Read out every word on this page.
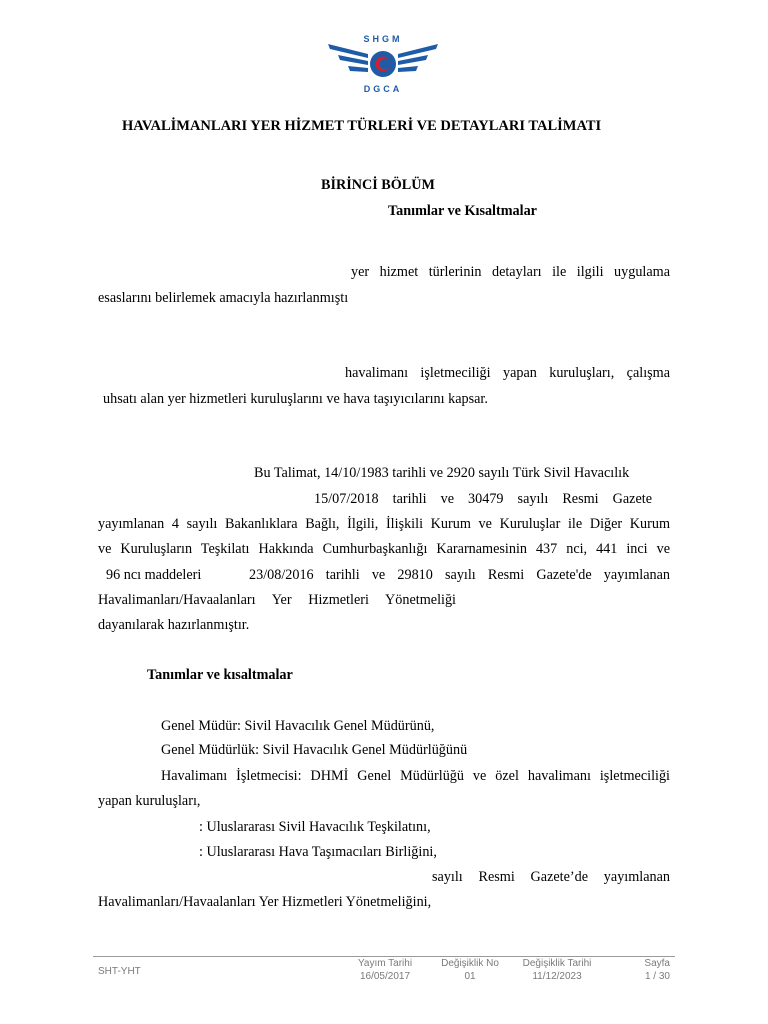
SHGM
DGCA
HAVALİMANLARI YER HİZMET TÜRLERİ VE DETAYLARI TALİMATI
BİRİNCİ BÖLÜM
Tanımlar ve Kısaltmalar
yer hizmet türlerinin detayları ile ilgili uygulama
esaslarını belirlemek amacıyla hazırlanmıştı
havalimanı işletmeciliği yapan kuruluşları, çalışma
uhsatı alan yer hizmetleri kuruluşlarını ve hava taşıyıcılarını kapsar.
Bu Talimat, 14/10/1983 tarihli ve 2920 sayılı Türk Sivil Havacılık
15/07/2018 tarihli ve 30479 sayılı Resmi Gazete
yayımlanan 4 sayılı Bakanlıklara Bağlı, İlgili, İlişkili Kurum ve Kuruluşlar ile Diğer Kurum
ve Kuruluşların Teşkilatı Hakkında Cumhurbaşkanlığı Kararnamesinin 437 nci, 441 inci ve
96 ncı maddeleri	23/08/2016 tarihli ve 29810 sayılı Resmi Gazete'de yayımlanan
Havalimanları/Havaalanları Yer Hizmetleri Yönetmeliği
dayanılarak hazırlanmıştır.
Tanımlar ve kısaltmalar
Genel Müdür: Sivil Havacılık Genel Müdürünü,
Genel Müdürlük: Sivil Havacılık Genel Müdürlüğünü
Havalimanı İşletmecisi: DHMİ Genel Müdürlüğü ve özel havalimanı işletmeciliği
yapan kuruluşları,
: Uluslararası Sivil Havacılık Teşkilatını,
: Uluslararası Hava Taşımacıları Birliğini,
sayılı Resmi Gazete’de yayımlanan
Havalimanları/Havaalanları Yer Hizmetleri Yönetmeliğini,
SHT-YHT
Yayım Tarihi
16/05/2017
Değişiklik No
01
Değişiklik Tarihi
11/12/2023
Sayfa
1 / 30
